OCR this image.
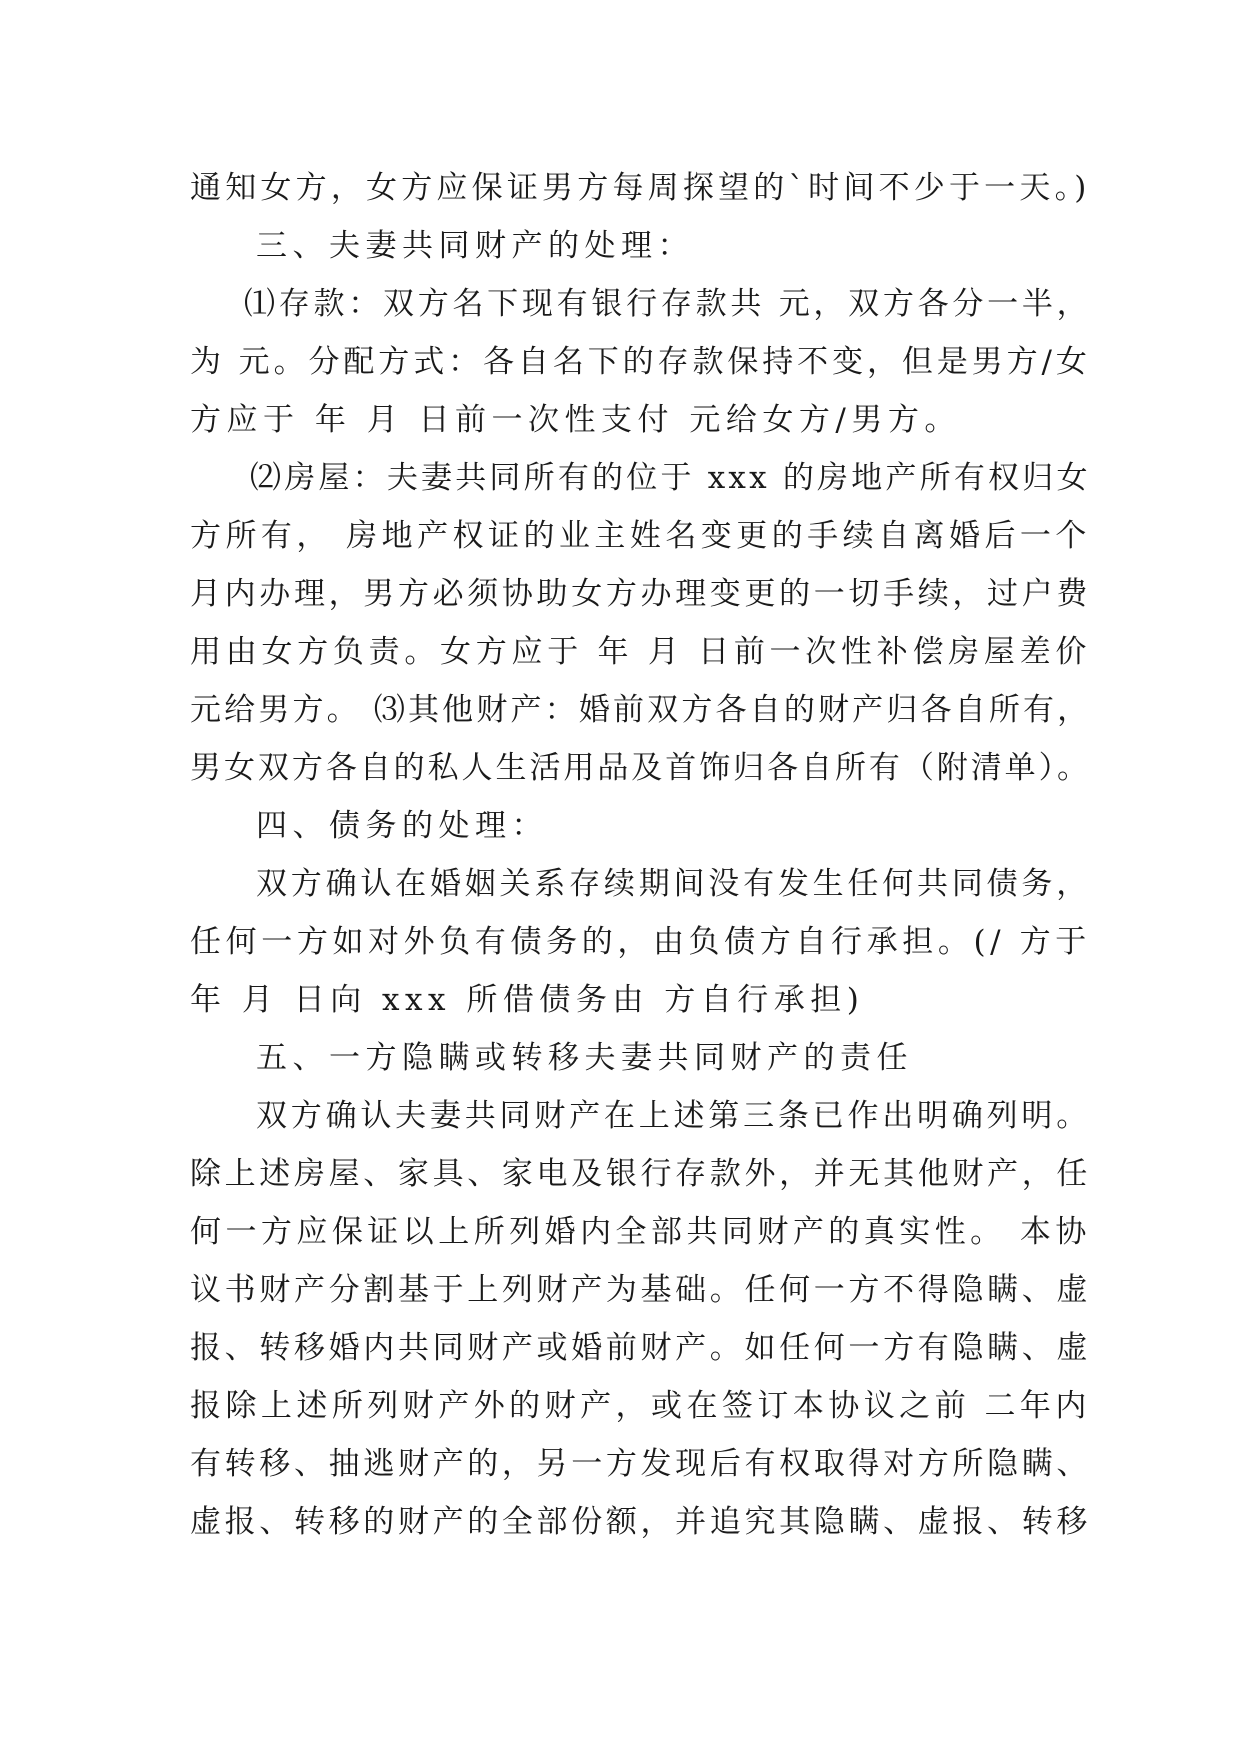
通知女方，女方应保证男方每周探望的`时间不少于一天。)
三、夫妻共同财产的处理：
⑴存款：双方名下现有银行存款共 元，双方各分一半，
为 元。分配方式：各自名下的存款保持不变，但是男方/女
方应于 年 月 日前一次性支付 元给女方/男方。
⑵房屋：夫妻共同所有的位于 xxx 的房地产所有权归女
方所有， 房地产权证的业主姓名变更的手续自离婚后一个
月内办理，男方必须协助女方办理变更的一切手续，过户费
用由女方负责。女方应于 年 月 日前一次性补偿房屋差价
元给男方。 ⑶其他财产：婚前双方各自的财产归各自所有，
男女双方各自的私人生活用品及首饰归各自所有（附清单）。
四、债务的处理：
双方确认在婚姻关系存续期间没有发生任何共同债务，
任何一方如对外负有债务的，由负债方自行承担。(/ 方于
年 月 日向 xxx 所借债务由 方自行承担)
五、一方隐瞒或转移夫妻共同财产的责任
双方确认夫妻共同财产在上述第三条已作出明确列明。
除上述房屋、家具、家电及银行存款外，并无其他财产，任
何一方应保证以上所列婚内全部共同财产的真实性。 本协
议书财产分割基于上列财产为基础。任何一方不得隐瞒、虚
报、转移婚内共同财产或婚前财产。如任何一方有隐瞒、虚
报除上述所列财产外的财产，或在签订本协议之前 二年内
有转移、抽逃财产的，另一方发现后有权取得对方所隐瞒、
虚报、转移的财产的全部份额，并追究其隐瞒、虚报、转移
